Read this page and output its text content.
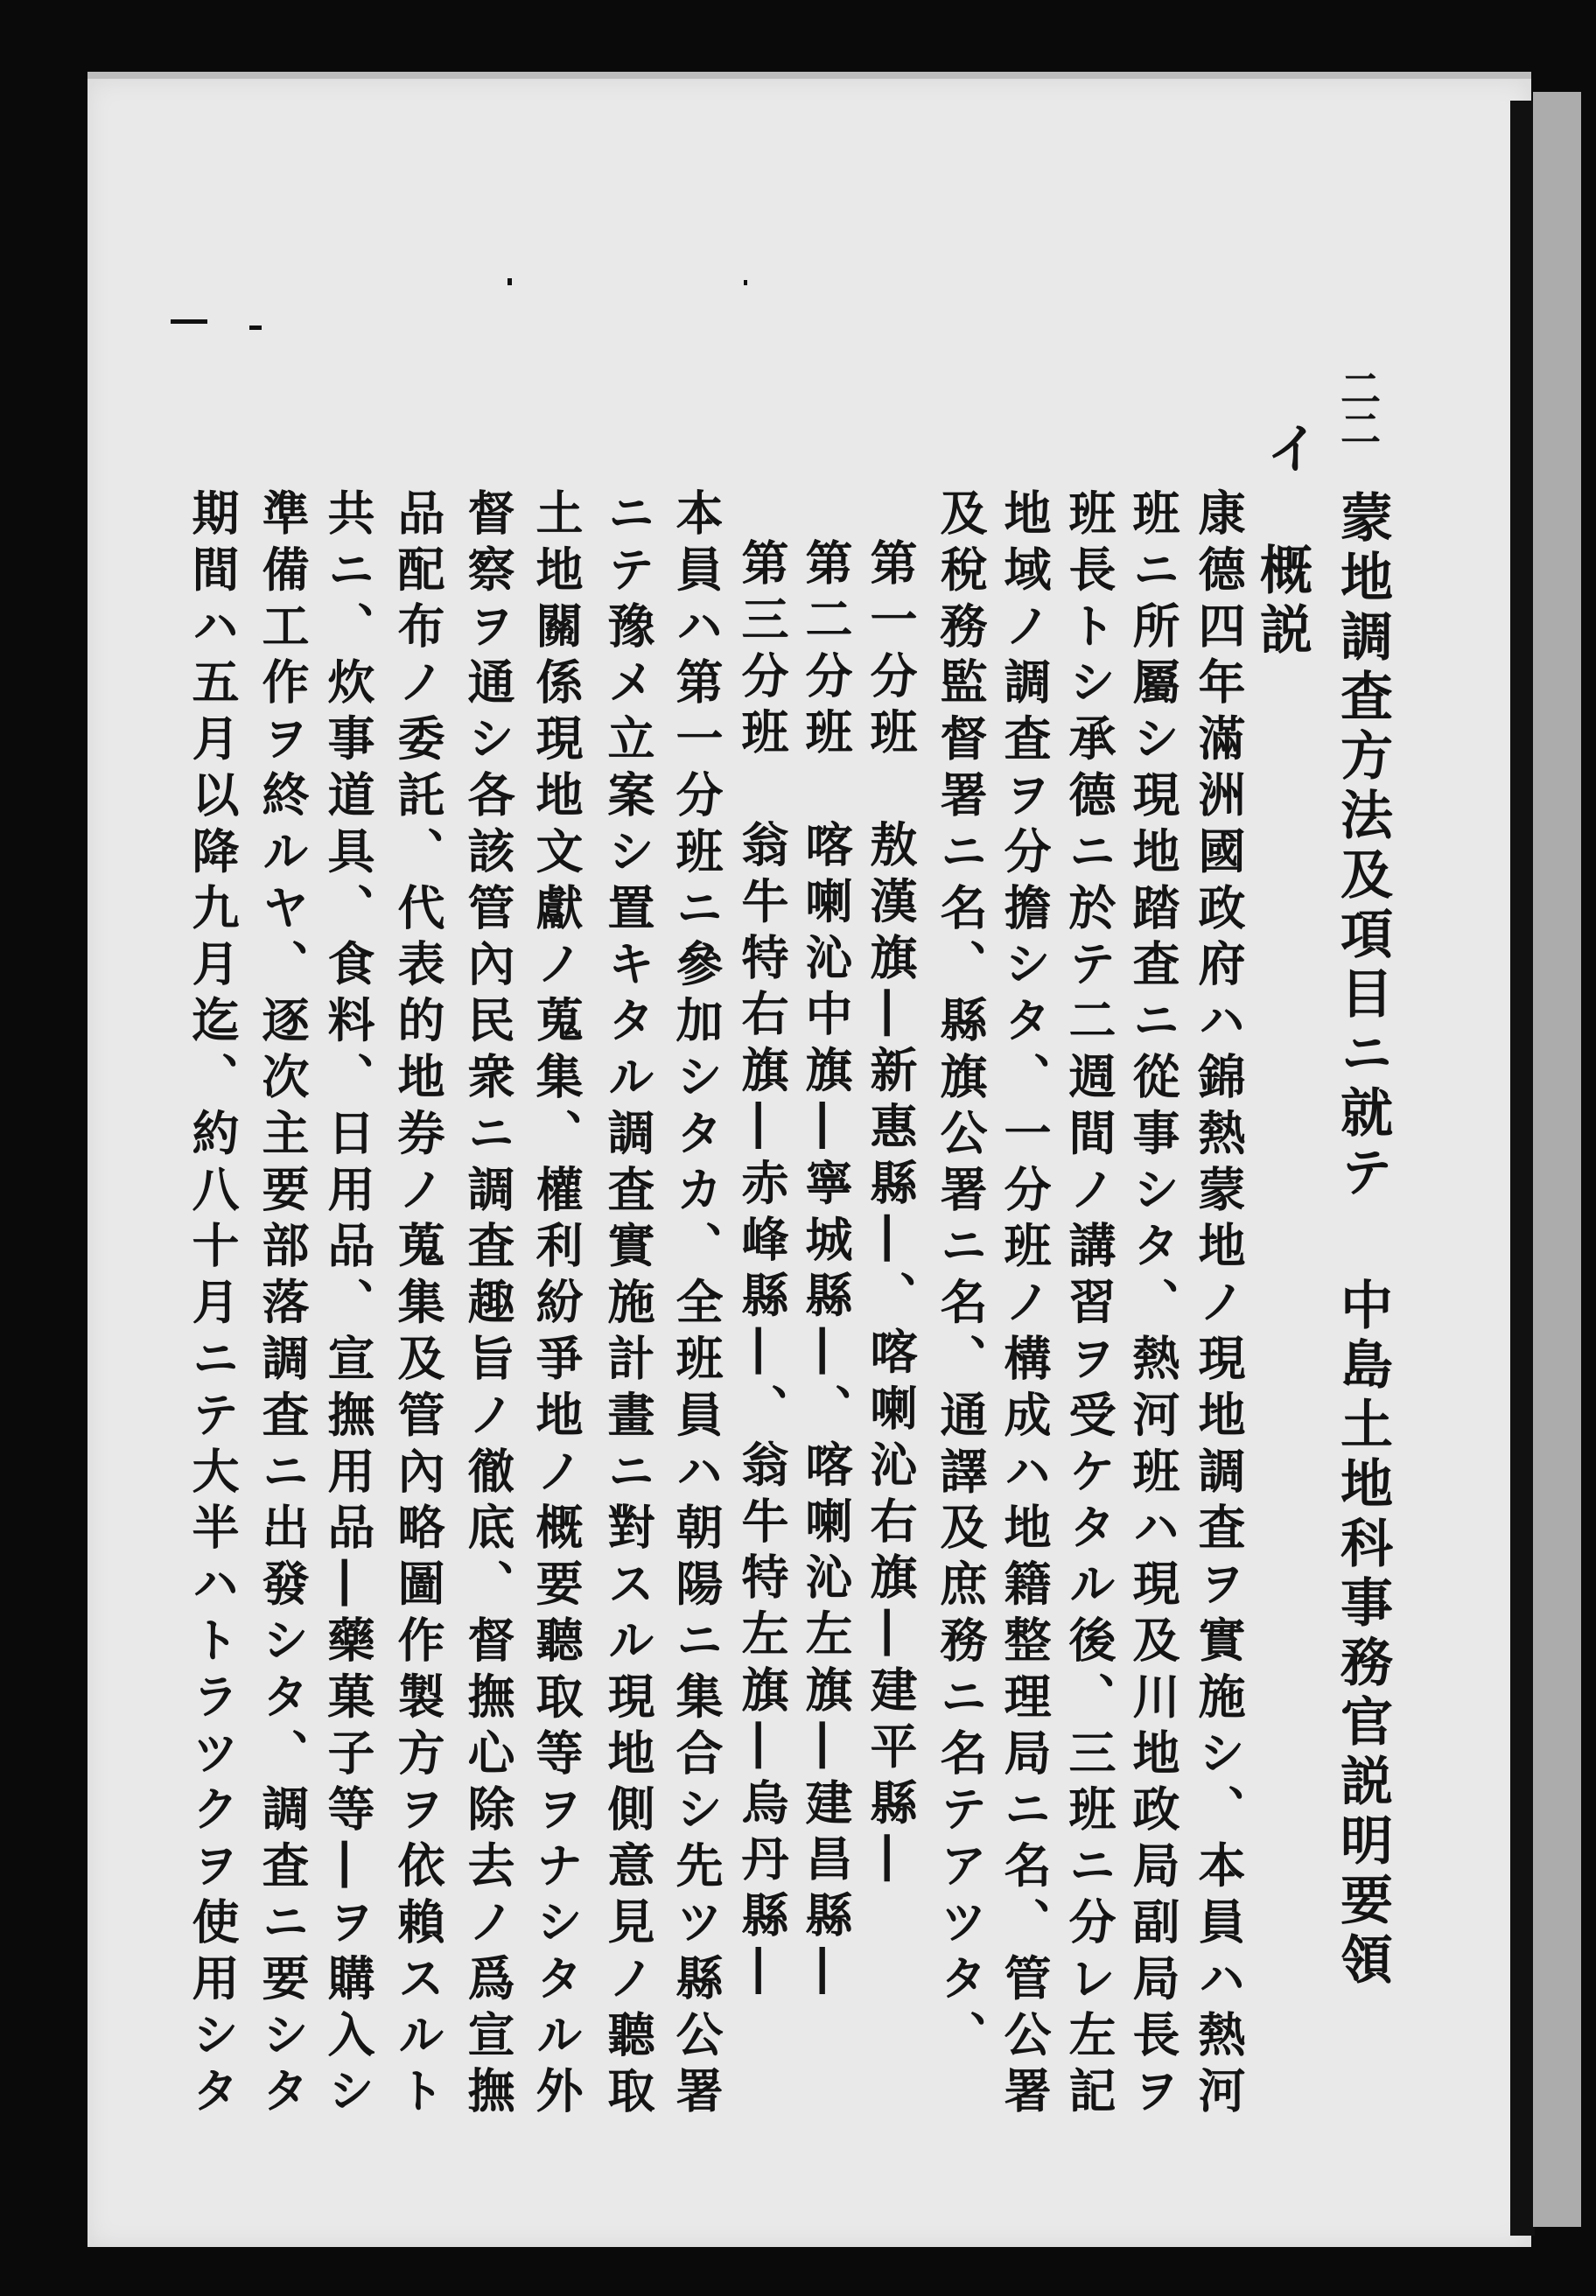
二二
イ
蒙地調査方法及項目ニ就テ
中島土地科事務官説明要領
概説
康德四年滿洲國政府ハ錦熱蒙地ノ現地調査ヲ實施シ、本員ハ熱河
班ニ所屬シ現地踏査ニ從事シタ、熱河班ハ現及川地政局副局長ヲ
班長トシ承德ニ於テ二週間ノ講習ヲ受ケタル後、三班ニ分レ左記
地域ノ調査ヲ分擔シタ、一分班ノ構成ハ地籍整理局ニ名、管公署
及稅務監督署ニ名、縣旗公署ニ名、通譯及庶務ニ名テアツタ、
第一分班　敖漢旗―新惠縣―、喀喇沁右旗―建平縣―
第二分班　喀喇沁中旗―寧城縣―、喀喇沁左旗―建昌縣―
第三分班　翁牛特右旗―赤峰縣―、翁牛特左旗―烏丹縣―
本員ハ第一分班ニ參加シタカ、全班員ハ朝陽ニ集合シ先ツ縣公署
ニテ豫メ立案シ置キタル調査實施計畫ニ對スル現地側意見ノ聽取
土地關係現地文獻ノ蒐集、權利紛爭地ノ概要聽取等ヲナシタル外
督察ヲ通シ各該管內民衆ニ調査趣旨ノ徹底、督撫心除去ノ爲宣撫
品配布ノ委託、代表的地券ノ蒐集及管內略圖作製方ヲ依賴スルト
共ニ、炊事道具、食料、日用品、宣撫用品―藥菓子等―ヲ購入シ
準備工作ヲ終ルヤ、逐次主要部落調査ニ出發シタ、調査ニ要シタ
期間ハ五月以降九月迄、約八十月ニテ大半ハトラツクヲ使用シタ
